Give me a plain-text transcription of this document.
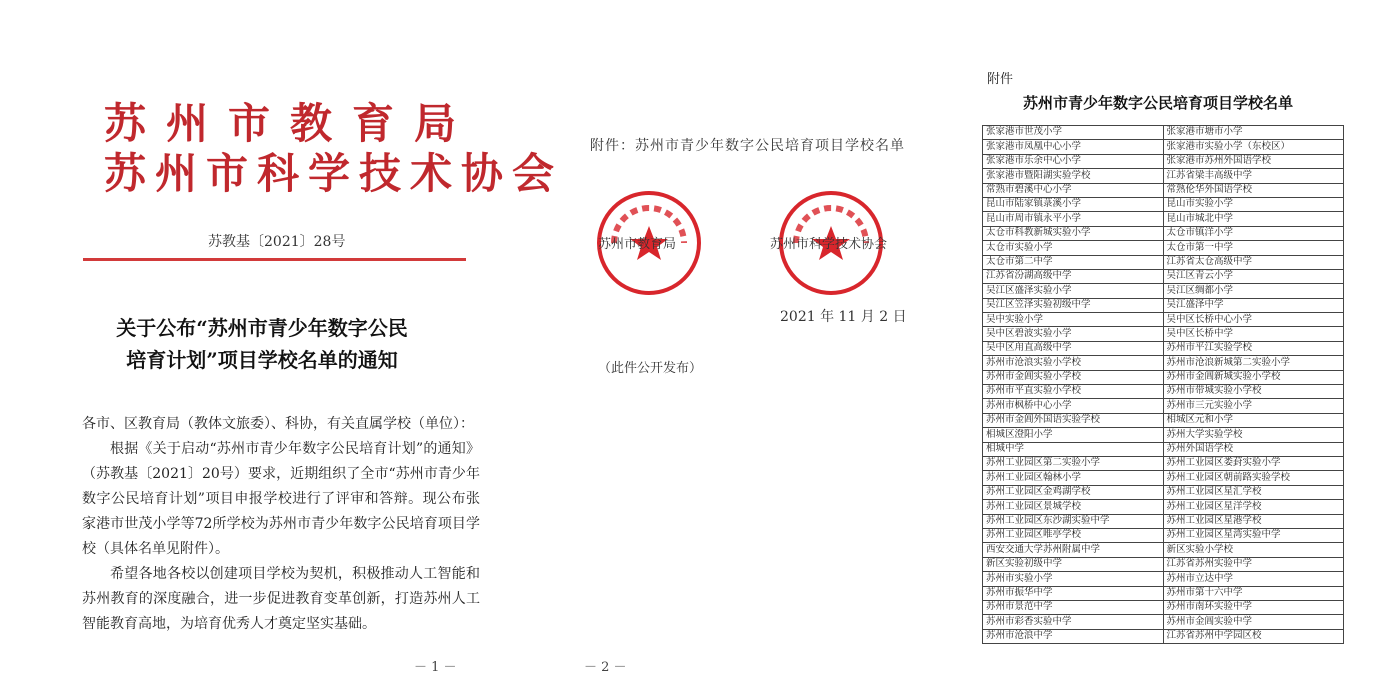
苏州市教育局
苏州市科学技术协会
苏教基〔2021〕28号
关于公布“苏州市青少年数字公民
培育计划”项目学校名单的通知

各市、区教育局（教体文旅委）、科协，有关直属学校（单位）：

根据《关于启动“苏州市青少年数字公民培育计划”的通知》（苏教基〔2021〕20号）要求，近期组织了全市“苏州市青少年数字公民培育计划”项目申报学校进行了评审和答辩。现公布张家港市世茂小学等72所学校为苏州市青少年数字公民培育项目学校（具体名单见附件）。

希望各地各校以创建项目学校为契机，积极推动人工智能和苏州教育的深度融合，进一步促进教育变革创新，打造苏州人工智能教育高地，为培育优秀人才奠定坚实基础。

－ 1 －
附件：苏州市青少年数字公民培育项目学校名单
苏州市教育局	苏州市科学技术协会
2021 年 11 月 2 日
（此件公开发布）
－ 2 －
附件
苏州市青少年数字公民培育项目学校名单
张家港市世茂小学	张家港市塘市小学
张家港市凤凰中心小学	张家港市实验小学（东校区）
张家港市乐余中心小学	张家港市苏州外国语学校
张家港市暨阳湖实验学校	江苏省梁丰高级中学
常熟市碧溪中心小学	常熟伦华外国语学校
昆山市陆家镇菉溪小学	昆山市实验小学
昆山市周市镇永平小学	昆山市城北中学
太仓市科教新城实验小学	太仓市镇洋小学
太仓市实验小学	太仓市第一中学
太仓市第二中学	江苏省太仓高级中学
江苏省汾湖高级中学	吴江区青云小学
吴江区盛泽实验小学	吴江区绸都小学
吴江区笠泽实验初级中学	吴江盛泽中学
吴中实验小学	吴中区长桥中心小学
吴中区碧波实验小学	吴中区长桥中学
吴中区甪直高级中学	苏州市平江实验学校
苏州市沧浪实验小学校	苏州市沧浪新城第二实验小学
苏州市金阊实验小学校	苏州市金阊新城实验小学校
苏州市平直实验小学校	苏州市带城实验小学校
苏州市枫桥中心小学	苏州市三元实验小学
苏州市金阊外国语实验学校	相城区元和小学
相城区澄阳小学	苏州大学实验学校
相城中学	苏州外国语学校
苏州工业园区第二实验小学	苏州工业园区娄葑实验小学
苏州工业园区翰林小学	苏州工业园区朝前路实验学校
苏州工业园区金鸡湖学校	苏州工业园区星汇学校
苏州工业园区景城学校	苏州工业园区星洋学校
苏州工业园区东沙湖实验中学	苏州工业园区星港学校
苏州工业园区唯亭学校	苏州工业园区星湾实验中学
西安交通大学苏州附属中学	新区实验小学校
新区实验初级中学	江苏省苏州实验中学
苏州市实验小学	苏州市立达中学
苏州市振华中学	苏州市第十六中学
苏州市景范中学	苏州市南环实验中学
苏州市彩香实验中学	苏州市金阊实验中学
苏州市沧浪中学	江苏省苏州中学园区校
